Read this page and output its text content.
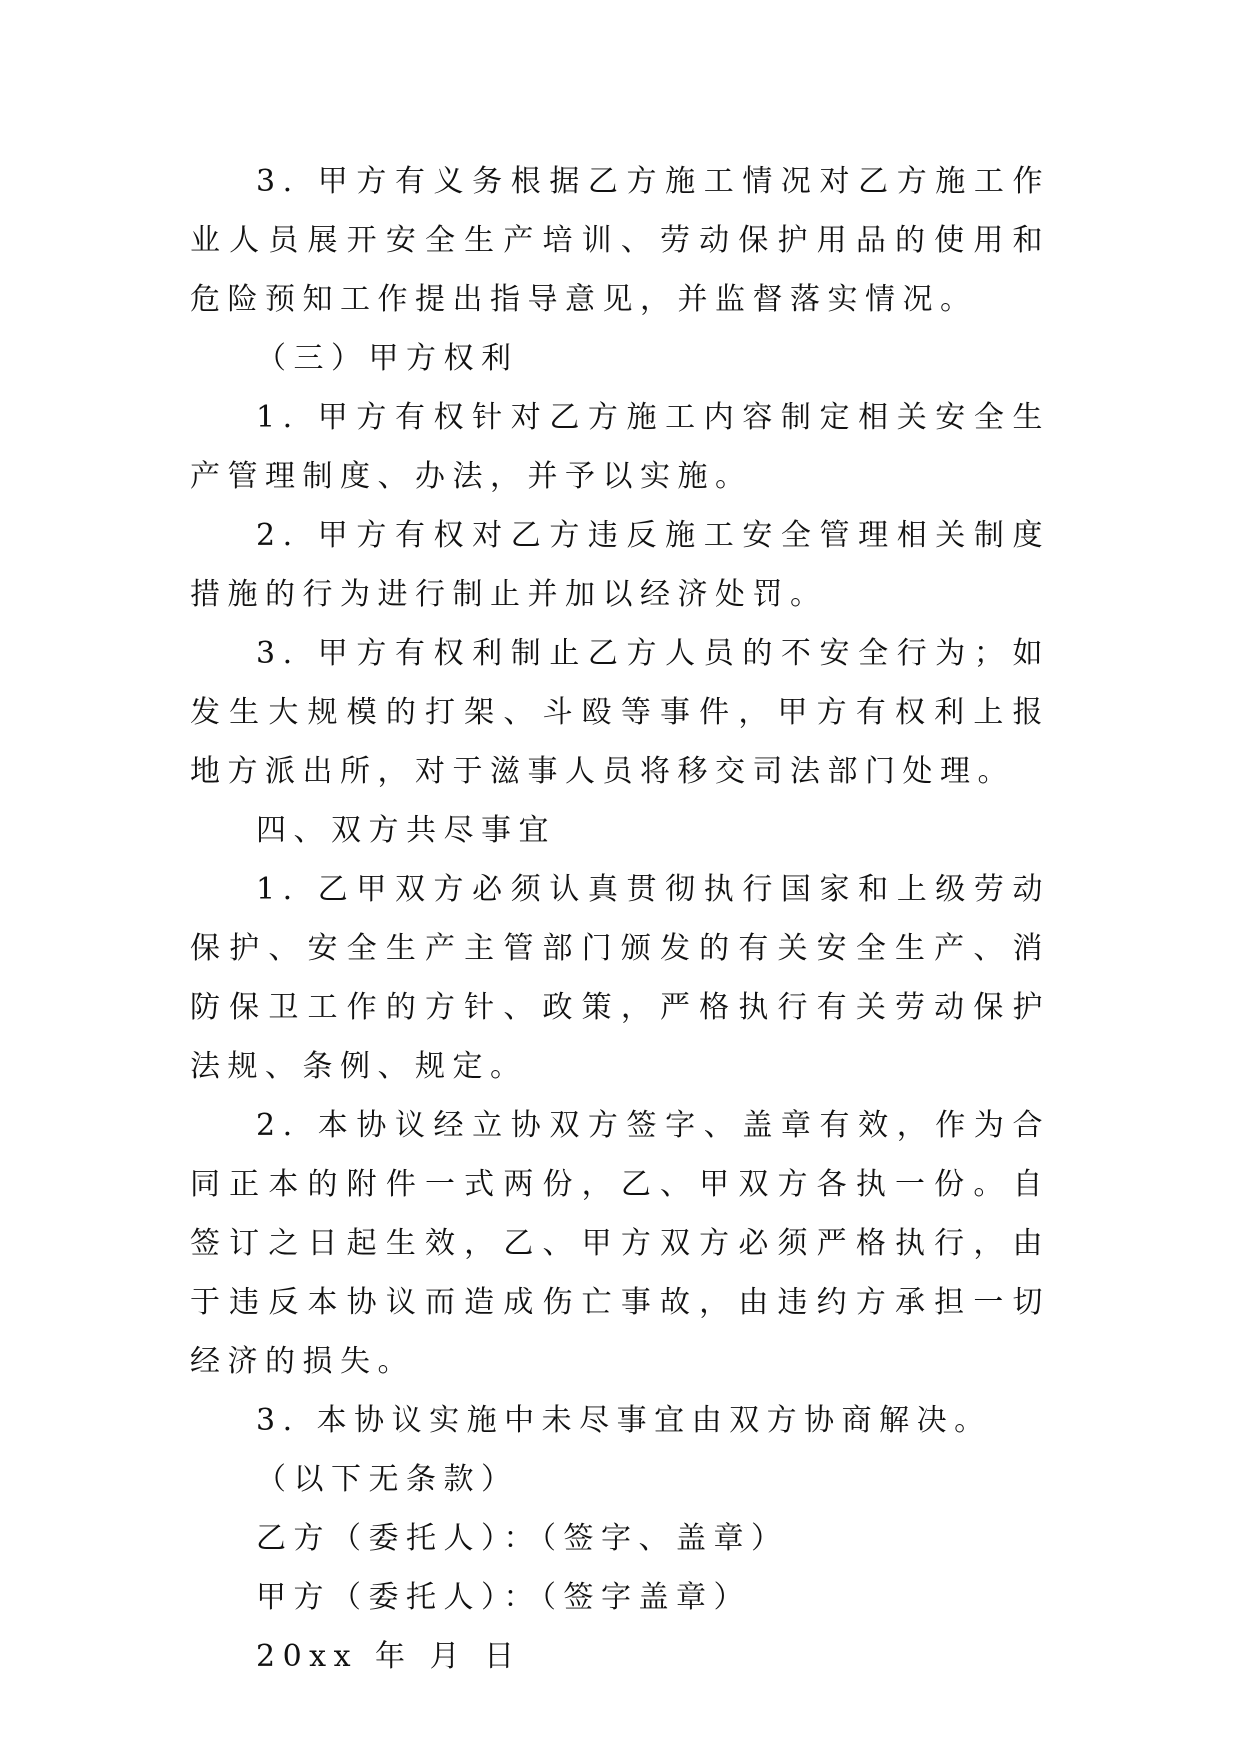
3. 甲方有义务根据乙方施工情况对乙方施工作业人员展开安全生产培训、劳动保护用品的使用和危险预知工作提出指导意见，并监督落实情况。

（三）甲方权利

1. 甲方有权针对乙方施工内容制定相关安全生产管理制度、办法，并予以实施。

2. 甲方有权对乙方违反施工安全管理相关制度措施的行为进行制止并加以经济处罚。

3. 甲方有权利制止乙方人员的不安全行为；如发生大规模的打架、斗殴等事件，甲方有权利上报地方派出所，对于滋事人员将移交司法部门处理。

四、双方共尽事宜

1. 乙甲双方必须认真贯彻执行国家和上级劳动保护、安全生产主管部门颁发的有关安全生产、消防保卫工作的方针、政策，严格执行有关劳动保护法规、条例、规定。

2. 本协议经立协双方签字、盖章有效，作为合同正本的附件一式两份，乙、甲双方各执一份。自签订之日起生效，乙、甲方双方必须严格执行，由于违反本协议而造成伤亡事故，由违约方承担一切经济的损失。

3. 本协议实施中未尽事宜由双方协商解决。

（以下无条款）

乙方（委托人）：（签字、盖章）

甲方（委托人）：（签字盖章）

20xx 年 月 日
